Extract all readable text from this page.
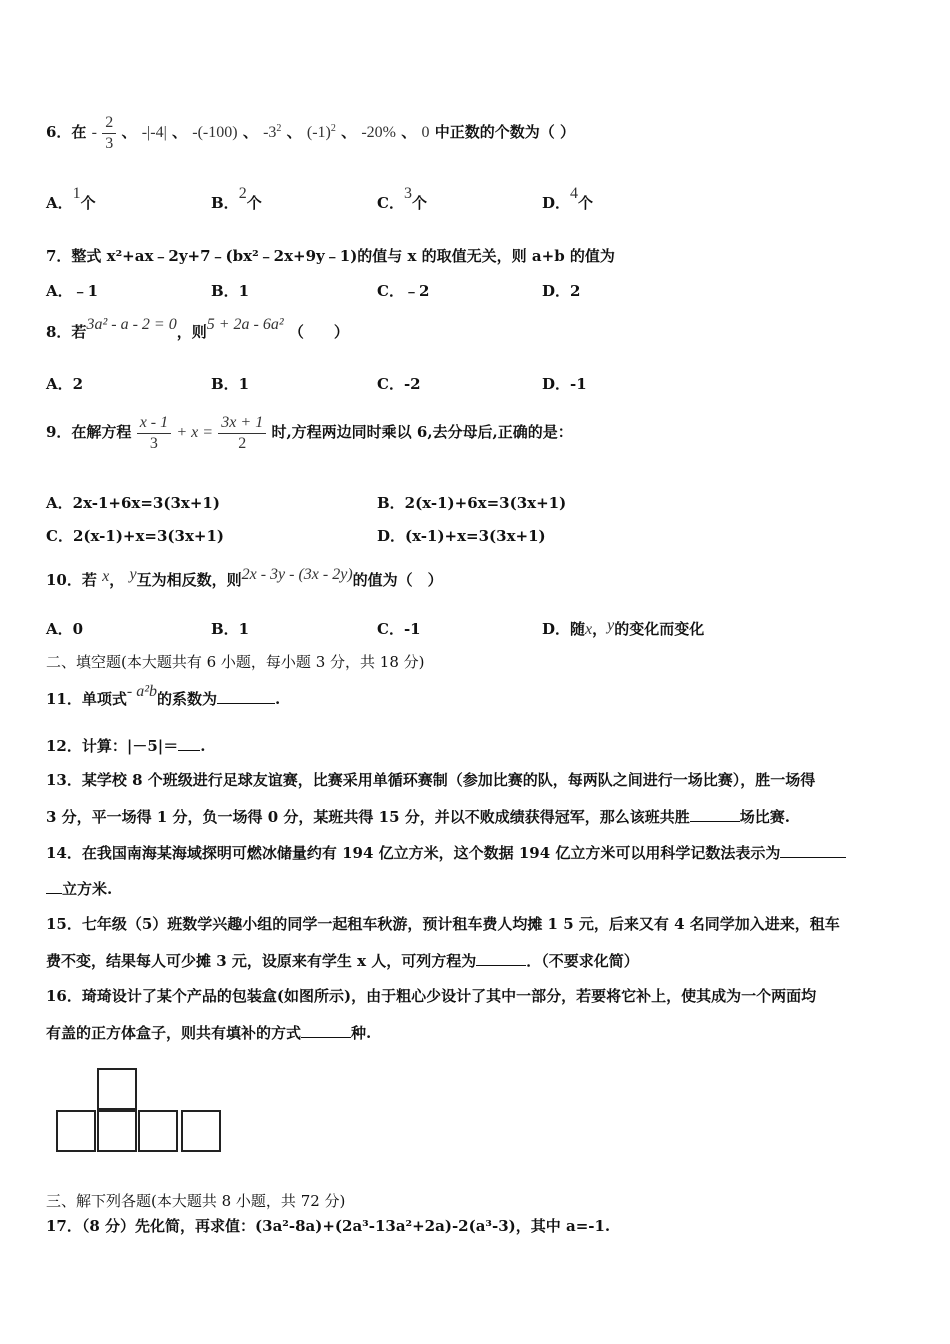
6．在 - $\frac{2}{3}$ 、 -|-4| 、 -(-100) 、 $-3^2$ 、 $(-1)^2$ 、 -20% 、 0 中正数的个数为（ ）
A．1个	B．2个	C．3个	D．4个
7．整式 x²+ax﹣2y+7﹣(bx²﹣2x+9y﹣1)的值与 x 的取值无关，则 a+b 的值为
A．﹣1	B．1	C．﹣2	D．2
8．若3a² - a - 2 = 0，则5 + 2a - 6a² （　　）
A．2	B．1	C．-2	D．-1
9．在解方程 $\frac{x - 1}{3} + x = \frac{3x + 1}{2}$ 时,方程两边同时乘以 6,去分母后,正确的是：
A．2x-1+6x=3(3x+1)	B．2(x-1)+6x=3(3x+1)
C．2(x-1)+x=3(3x+1)	D．(x-1)+x=3(3x+1)
10．若 x， y互为相反数，则2x - 3y - (3x - 2y)的值为（　）
A．0	B．1	C．-1	D．随x，y的变化而变化
二、填空题(本大题共有 6 小题，每小题 3 分，共 18 分)
11．单项式- a²b的系数为	.
12．计算：|－5|＝ .
13．某学校 8 个班级进行足球友谊赛，比赛采用单循环赛制（参加比赛的队，每两队之间进行一场比赛），胜一场得
3 分，平一场得 1 分，负一场得 0 分，某班共得 15 分，并以不败成绩获得冠军，那么该班共胜	场比赛.
14．在我国南海某海域探明可燃冰储量约有 194 亿立方米，这个数据 194 亿立方米可以用科学记数法表示为
立方米.
15．七年级（5）班数学兴趣小组的同学一起租车秋游，预计租车费人均摊 1 5 元，后来又有 4 名同学加入进来，租车
费不变，结果每人可少摊 3 元，设原来有学生 x 人，可列方程为	．（不要求化简）
16．琦琦设计了某个产品的包装盒(如图所示)，由于粗心少设计了其中一部分，若要将它补上，使其成为一个两面均
有盖的正方体盒子，则共有填补的方式	种.
三、解下列各题(本大题共 8 小题，共 72 分)
17．（8 分）先化简，再求值：(3a²-8a)+(2a³-13a²+2a)-2(a³-3)，其中 a=-1.
